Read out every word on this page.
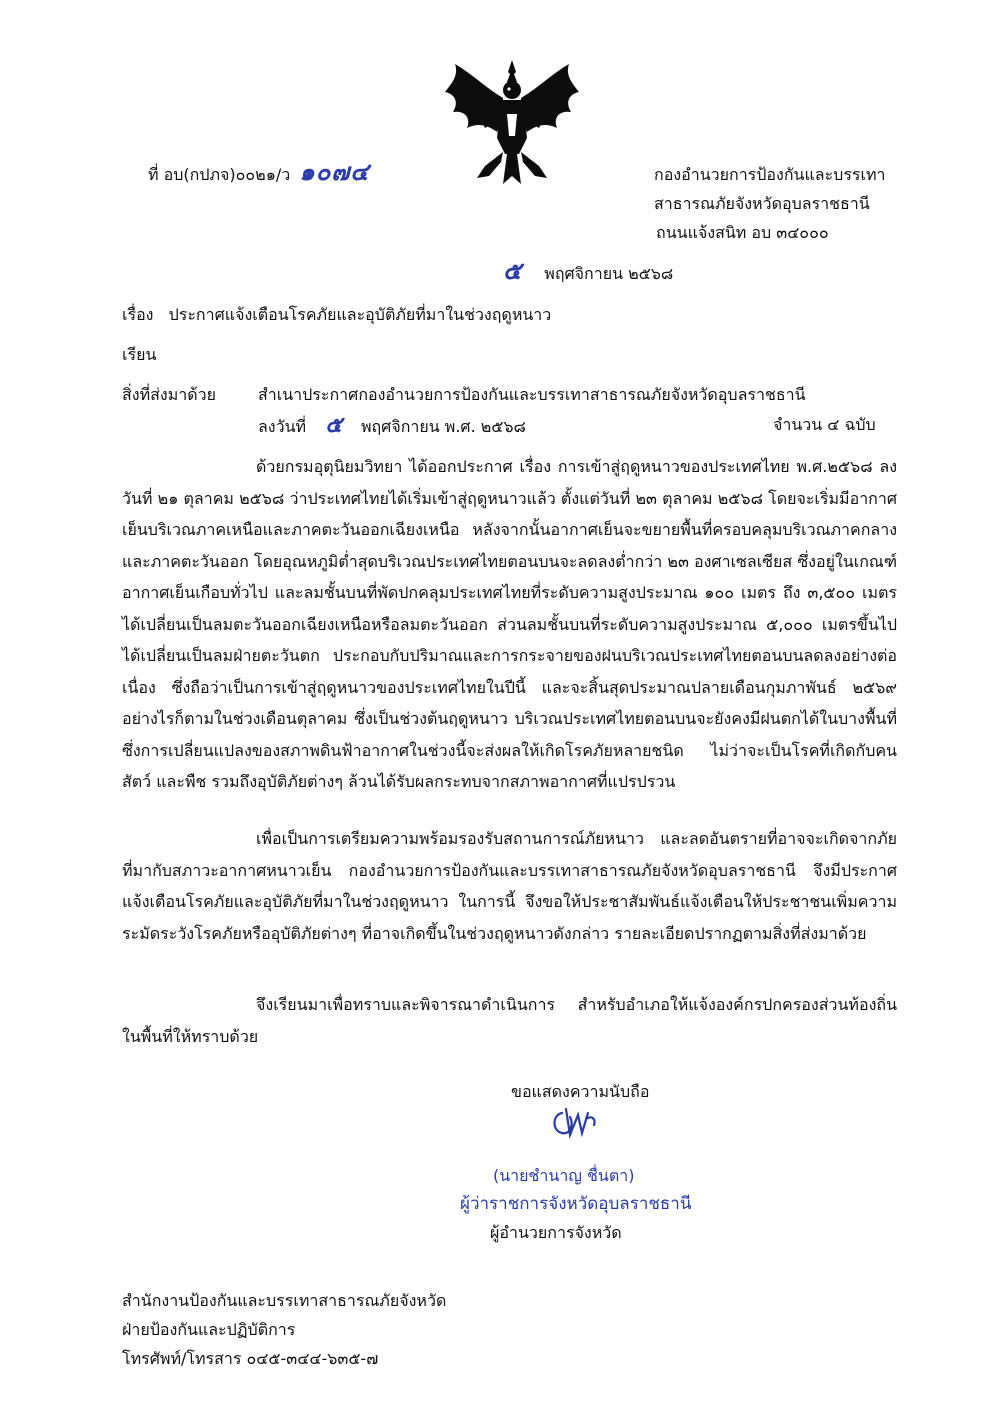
ที่ อบ(กปภจ)๐๐๒๑/ว ๑๐๗๔	กองอำนวยการป้องกันและบรรเทา
สาธารณภัยจังหวัดอุบลราชธานี
ถนนแจ้งสนิท อบ ๓๔๐๐๐
๕ พฤศจิกายน ๒๕๖๘
เรื่อง ประกาศแจ้งเตือนโรคภัยและอุบัติภัยที่มาในช่วงฤดูหนาว
เรียน
สิ่งที่ส่งมาด้วย	สำเนาประกาศกองอำนวยการป้องกันและบรรเทาสาธารณภัยจังหวัดอุบลราชธานี
ลงวันที่ ๕ พฤศจิกายน พ.ศ. ๒๕๖๘	จำนวน ๔ ฉบับ
ด้วยกรมอุตุนิยมวิทยา ได้ออกประกาศ เรื่อง การเข้าสู่ฤดูหนาวของประเทศไทย พ.ศ.๒๕๖๘ ลงวันที่ ๒๑ ตุลาคม ๒๕๖๘ ว่าประเทศไทยได้เริ่มเข้าสู่ฤดูหนาวแล้ว ตั้งแต่วันที่ ๒๓ ตุลาคม ๒๕๖๘ โดยจะเริ่มมีอากาศเย็นบริเวณภาคเหนือและภาคตะวันออกเฉียงเหนือ หลังจากนั้นอากาศเย็นจะขยายพื้นที่ครอบคลุมบริเวณภาคกลางและภาคตะวันออก โดยอุณหภูมิต่ำสุดบริเวณประเทศไทยตอนบนจะลดลงต่ำกว่า ๒๓ องศาเซลเซียส ซึ่งอยู่ในเกณฑ์อากาศเย็นเกือบทั่วไป และลมชั้นบนที่พัดปกคลุมประเทศไทยที่ระดับความสูงประมาณ ๑๐๐ เมตร ถึง ๓,๕๐๐ เมตร ได้เปลี่ยนเป็นลมตะวันออกเฉียงเหนือหรือลมตะวันออก ส่วนลมชั้นบนที่ระดับความสูงประมาณ ๕,๐๐๐ เมตรขึ้นไป ได้เปลี่ยนเป็นลมฝ่ายตะวันตก ประกอบกับปริมาณและการกระจายของฝนบริเวณประเทศไทยตอนบนลดลงอย่างต่อเนื่อง ซึ่งถือว่าเป็นการเข้าสู่ฤดูหนาวของประเทศไทยในปีนี้ และจะสิ้นสุดประมาณปลายเดือนกุมภาพันธ์ ๒๕๖๙ อย่างไรก็ตามในช่วงเดือนตุลาคม ซึ่งเป็นช่วงต้นฤดูหนาว บริเวณประเทศไทยตอนบนจะยังคงมีฝนตกได้ในบางพื้นที่ ซึ่งการเปลี่ยนแปลงของสภาพดินฟ้าอากาศในช่วงนี้จะส่งผลให้เกิดโรคภัยหลายชนิด ไม่ว่าจะเป็นโรคที่เกิดกับคน สัตว์ และพืช รวมถึงอุบัติภัยต่างๆ ล้วนได้รับผลกระทบจากสภาพอากาศที่แปรปรวน
เพื่อเป็นการเตรียมความพร้อมรองรับสถานการณ์ภัยหนาว และลดอันตรายที่อาจจะเกิดจากภัยที่มากับสภาวะอากาศหนาวเย็น กองอำนวยการป้องกันและบรรเทาสาธารณภัยจังหวัดอุบลราชธานี จึงมีประกาศแจ้งเตือนโรคภัยและอุบัติภัยที่มาในช่วงฤดูหนาว ในการนี้ จึงขอให้ประชาสัมพันธ์แจ้งเตือนให้ประชาชนเพิ่มความระมัดระวังโรคภัยหรืออุบัติภัยต่างๆ ที่อาจเกิดขึ้นในช่วงฤดูหนาวดังกล่าว รายละเอียดปรากฏตามสิ่งที่ส่งมาด้วย
จึงเรียนมาเพื่อทราบและพิจารณาดำเนินการ สำหรับอำเภอให้แจ้งองค์กรปกครองส่วนท้องถิ่นในพื้นที่ให้ทราบด้วย
ขอแสดงความนับถือ
(นายชำนาญ ชื่นตา)
ผู้ว่าราชการจังหวัดอุบลราชธานี
ผู้อำนวยการจังหวัด
สำนักงานป้องกันและบรรเทาสาธารณภัยจังหวัด
ฝ่ายป้องกันและปฏิบัติการ
โทรศัพท์/โทรสาร ๐๔๕-๓๔๔-๖๓๕-๗
